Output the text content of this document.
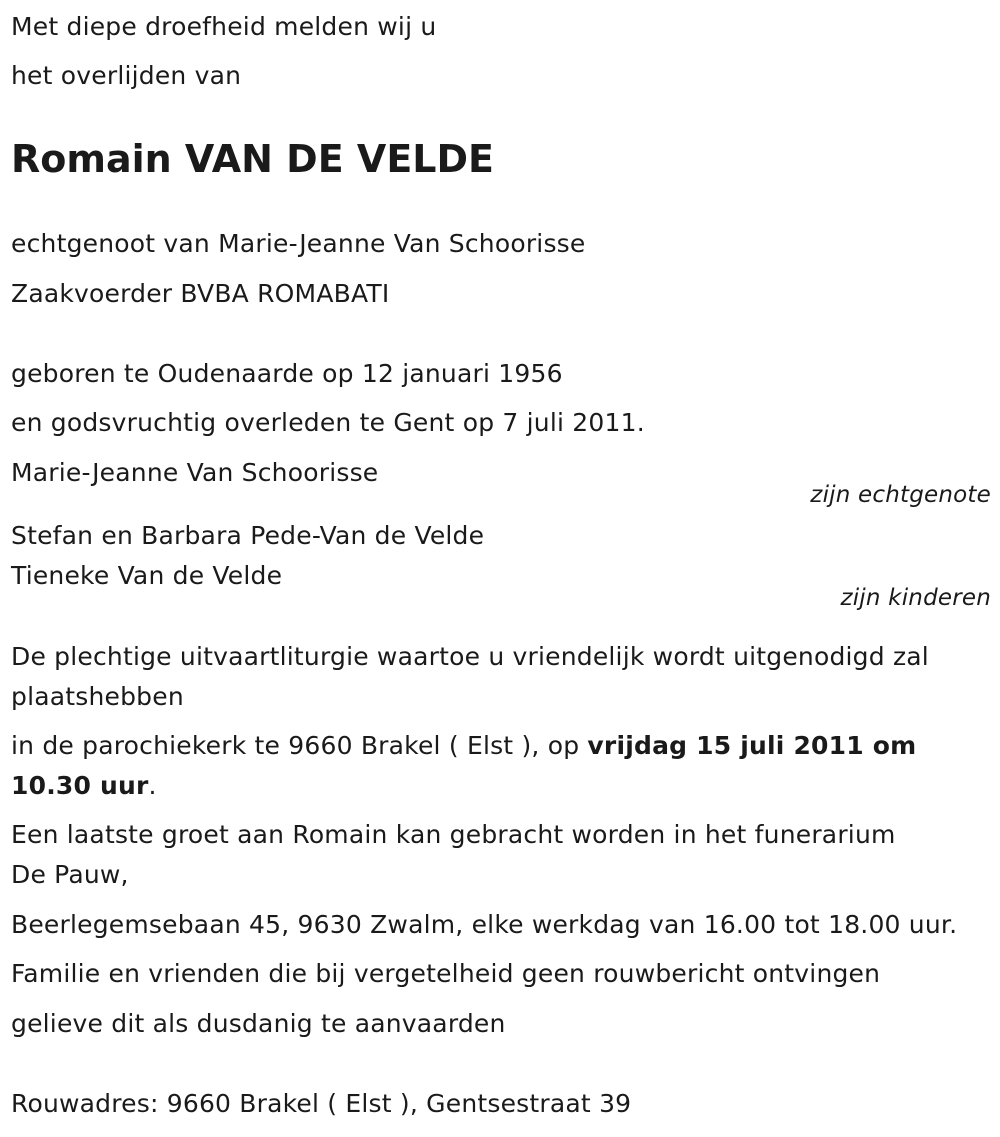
Met diepe droefheid melden wij u
het overlijden van
Romain VAN DE VELDE
echtgenoot van Marie-Jeanne Van Schoorisse
Zaakvoerder BVBA ROMABATI
geboren te Oudenaarde op 12 januari 1956
en godsvruchtig overleden te Gent op 7 juli 2011.
Marie-Jeanne Van Schoorisse
zijn echtgenote
Stefan en Barbara Pede-Van de Velde
Tieneke Van de Velde
zijn kinderen
De plechtige uitvaartliturgie waartoe u vriendelijk wordt uitgenodigd zal
plaatshebben
in de parochiekerk te 9660 Brakel ( Elst ), op vrijdag 15 juli 2011 om
10.30 uur.
Een laatste groet aan Romain kan gebracht worden in het funerarium
De Pauw,
Beerlegemsebaan 45, 9630 Zwalm, elke werkdag van 16.00 tot 18.00 uur.
Familie en vrienden die bij vergetelheid geen rouwbericht ontvingen
gelieve dit als dusdanig te aanvaarden
Rouwadres: 9660 Brakel ( Elst ), Gentsestraat 39
